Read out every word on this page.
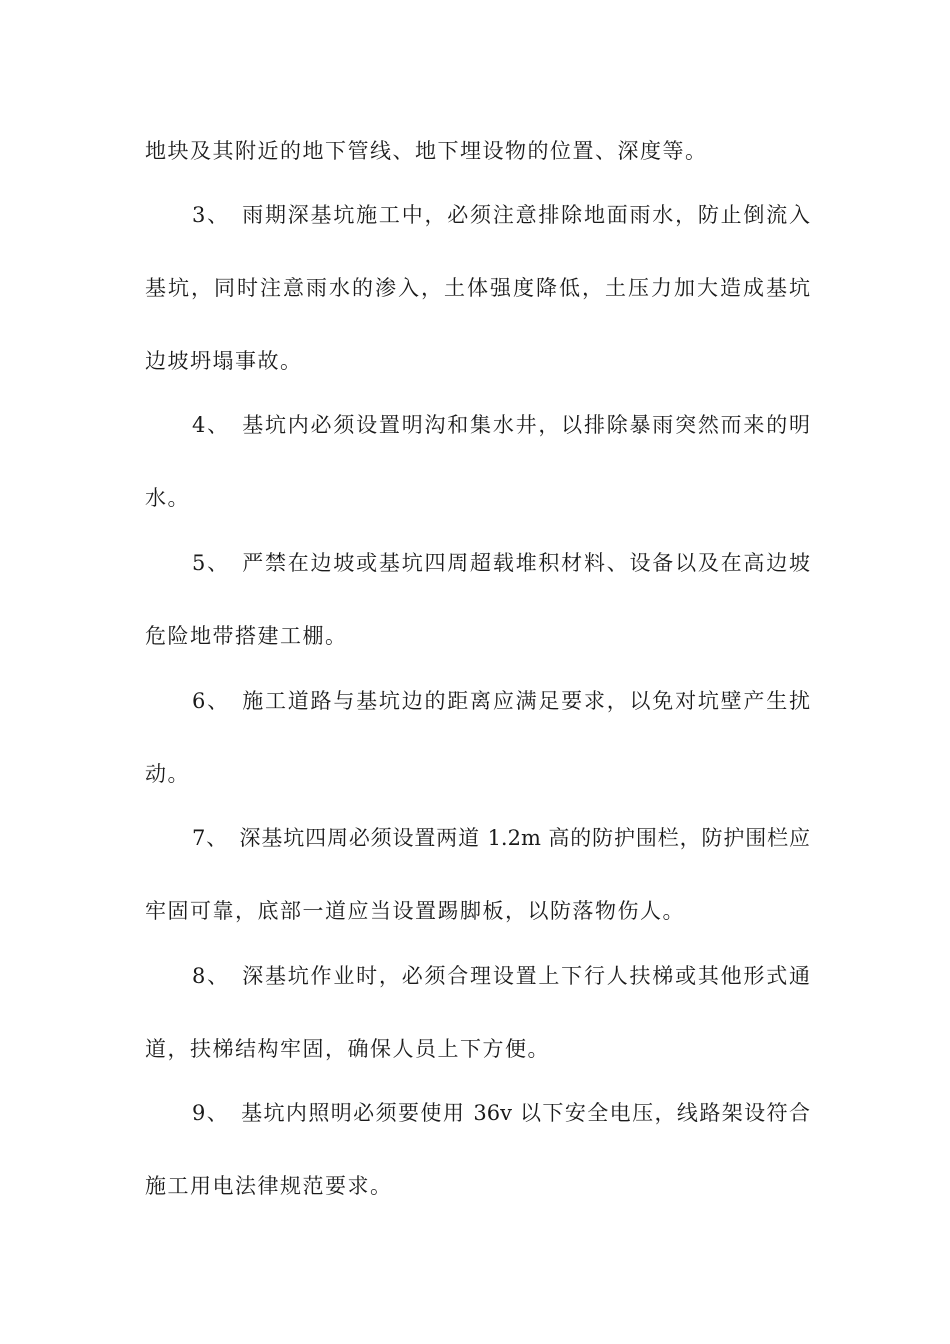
地块及其附近的地下管线、地下埋设物的位置、深度等。
3、　雨期深基坑施工中，必须注意排除地面雨水，防止倒流入
基坑，同时注意雨水的渗入，土体强度降低，土压力加大造成基坑
边坡坍塌事故。
4、　基坑内必须设置明沟和集水井，以排除暴雨突然而来的明
水。
5、　严禁在边坡或基坑四周超载堆积材料、设备以及在高边坡
危险地带搭建工棚。
6、　施工道路与基坑边的距离应满足要求，以免对坑壁产生扰
动。
7、　深基坑四周必须设置两道 1.2m 高的防护围栏，防护围栏应
牢固可靠，底部一道应当设置踢脚板，以防落物伤人。
8、　深基坑作业时，必须合理设置上下行人扶梯或其他形式通
道，扶梯结构牢固，确保人员上下方便。
9、　基坑内照明必须要使用 36v 以下安全电压，线路架设符合
施工用电法律规范要求。
